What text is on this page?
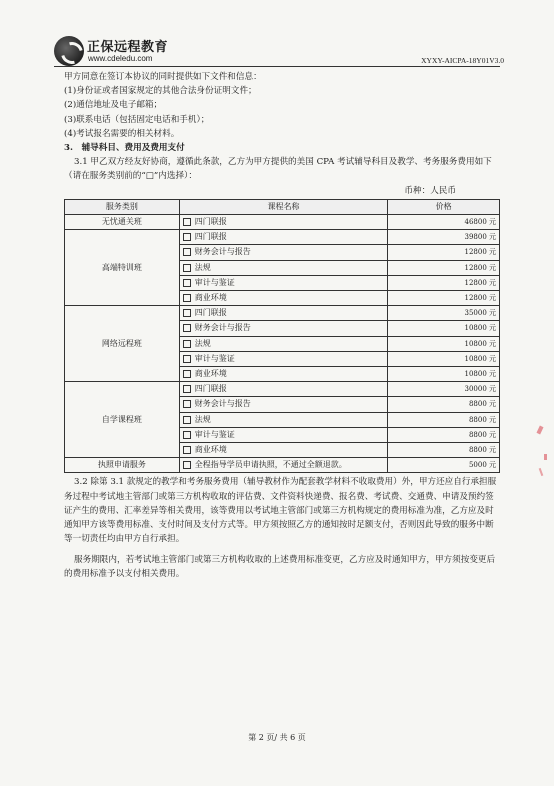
正保远程教育
www.cdeledu.com	XYXY-AICPA-18Y01V3.0
甲方同意在签订本协议的同时提供如下文件和信息：
(1)身份证或者国家规定的其他合法身份证明文件；
(2)通信地址及电子邮箱；
(3)联系电话（包括固定电话和手机）；
(4)考试报名需要的相关材料。
3.　辅导科目、费用及费用支付
3.1 甲乙双方经友好协商，遵循此条款，乙方为甲方提供的美国 CPA 考试辅导科目及教学、考务服务费用如下（请在服务类别前的“□”内选择）：
币种：人民币
服务类别	课程名称	价格
无忧通关班	四门联报	46800 元
高端特训班	四门联报	39800 元
	财务会计与报告	12800 元
	法规	12800 元
	审计与鉴证	12800 元
	商业环境	12800 元
网络远程班	四门联报	35000 元
	财务会计与报告	10800 元
	法规	10800 元
	审计与鉴证	10800 元
	商业环境	10800 元
自学课程班	四门联报	30000 元
	财务会计与报告	8800 元
	法规	8800 元
	审计与鉴证	8800 元
	商业环境	8800 元
执照申请服务	全程指导学员申请执照，不通过全额退款。	5000 元
3.2 除第 3.1 款规定的教学和考务服务费用（辅导教材作为配套教学材料不收取费用）外，甲方还应自行承担服务过程中考试地主管部门或第三方机构收取的评估费、文件资料快递费、报名费、考试费、交通费、申请及预约签证产生的费用、汇率差异等相关费用，该等费用以考试地主管部门或第三方机构规定的费用标准为准，乙方应及时通知甲方该等费用标准、支付时间及支付方式等。甲方须按照乙方的通知按时足额支付，否则因此导致的服务中断等一切责任均由甲方自行承担。
服务期限内，若考试地主管部门或第三方机构收取的上述费用标准变更，乙方应及时通知甲方，甲方须按变更后的费用标准予以支付相关费用。
第 2 页/ 共 6 页
